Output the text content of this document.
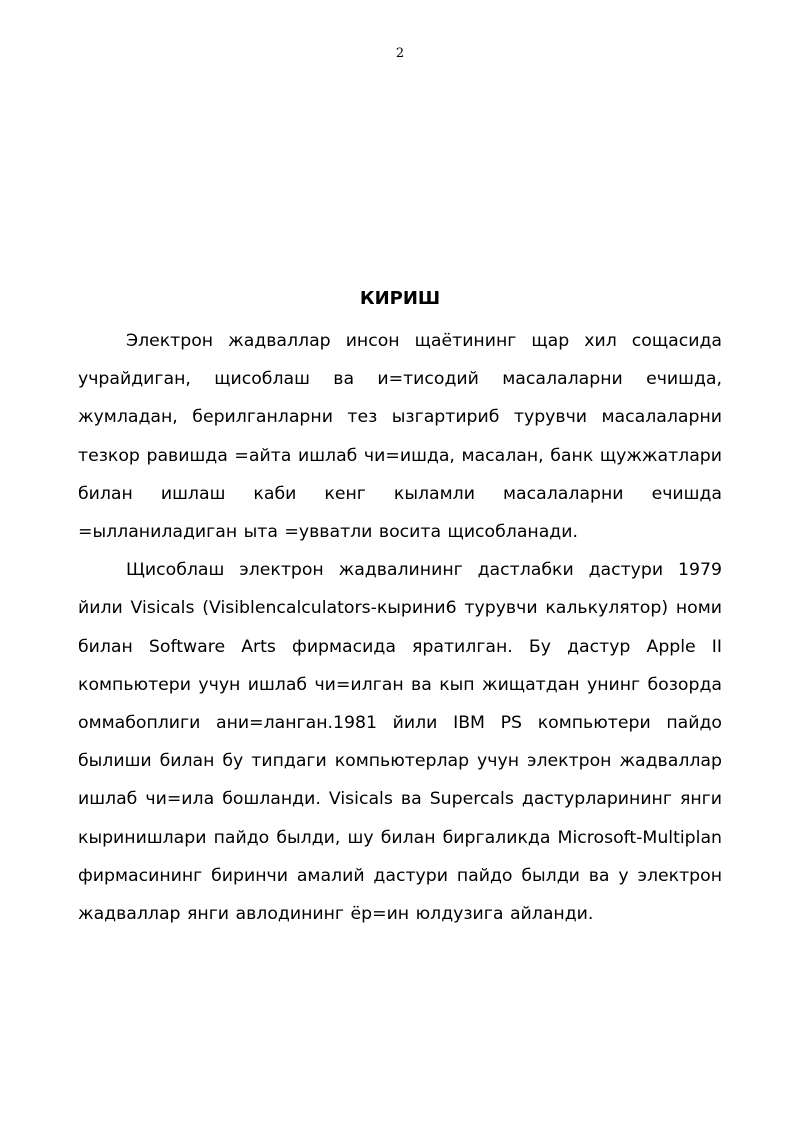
2
КИРИШ

Электрон жадваллар инсон щаётининг щар хил сощасида учрайдиган, щисоблаш ва и=тисодий масалаларни ечишда, жумладан, берилганларни тез ызгартириб турувчи масалаларни тезкор равишда =айта ишлаб чи=ишда, масалан, банк щужжатлари билан ишлаш каби кенг кыламли масалаларни ечишда =ылланиладиган ыта =увватли восита щисобланади.

Щисоблаш электрон жадвалининг дастлабки дастури 1979 йили Visicals (Visiblencalculators-кырини6 турувчи калькулятор) номи билан Software Arts фирмасида яратилган. Бу дастур Apple II компьютери учун ишлаб чи=илган ва кып жищатдан унинг бозорда оммабоплиги ани=ланган.1981 йили IBM PS компьютери пайдо былиши билан бу типдаги компьютерлар учун электрон жадваллар ишлаб чи=ила бошланди. Visicals ва Supercals дастурларининг янги кыринишлари пайдо былди, шу билан биргаликда Microsoft-Multiplan фирмасининг биринчи амалий дастури пайдо былди ва у электрон жадваллар янги авлодининг ёр=ин юлдузига айланди.
